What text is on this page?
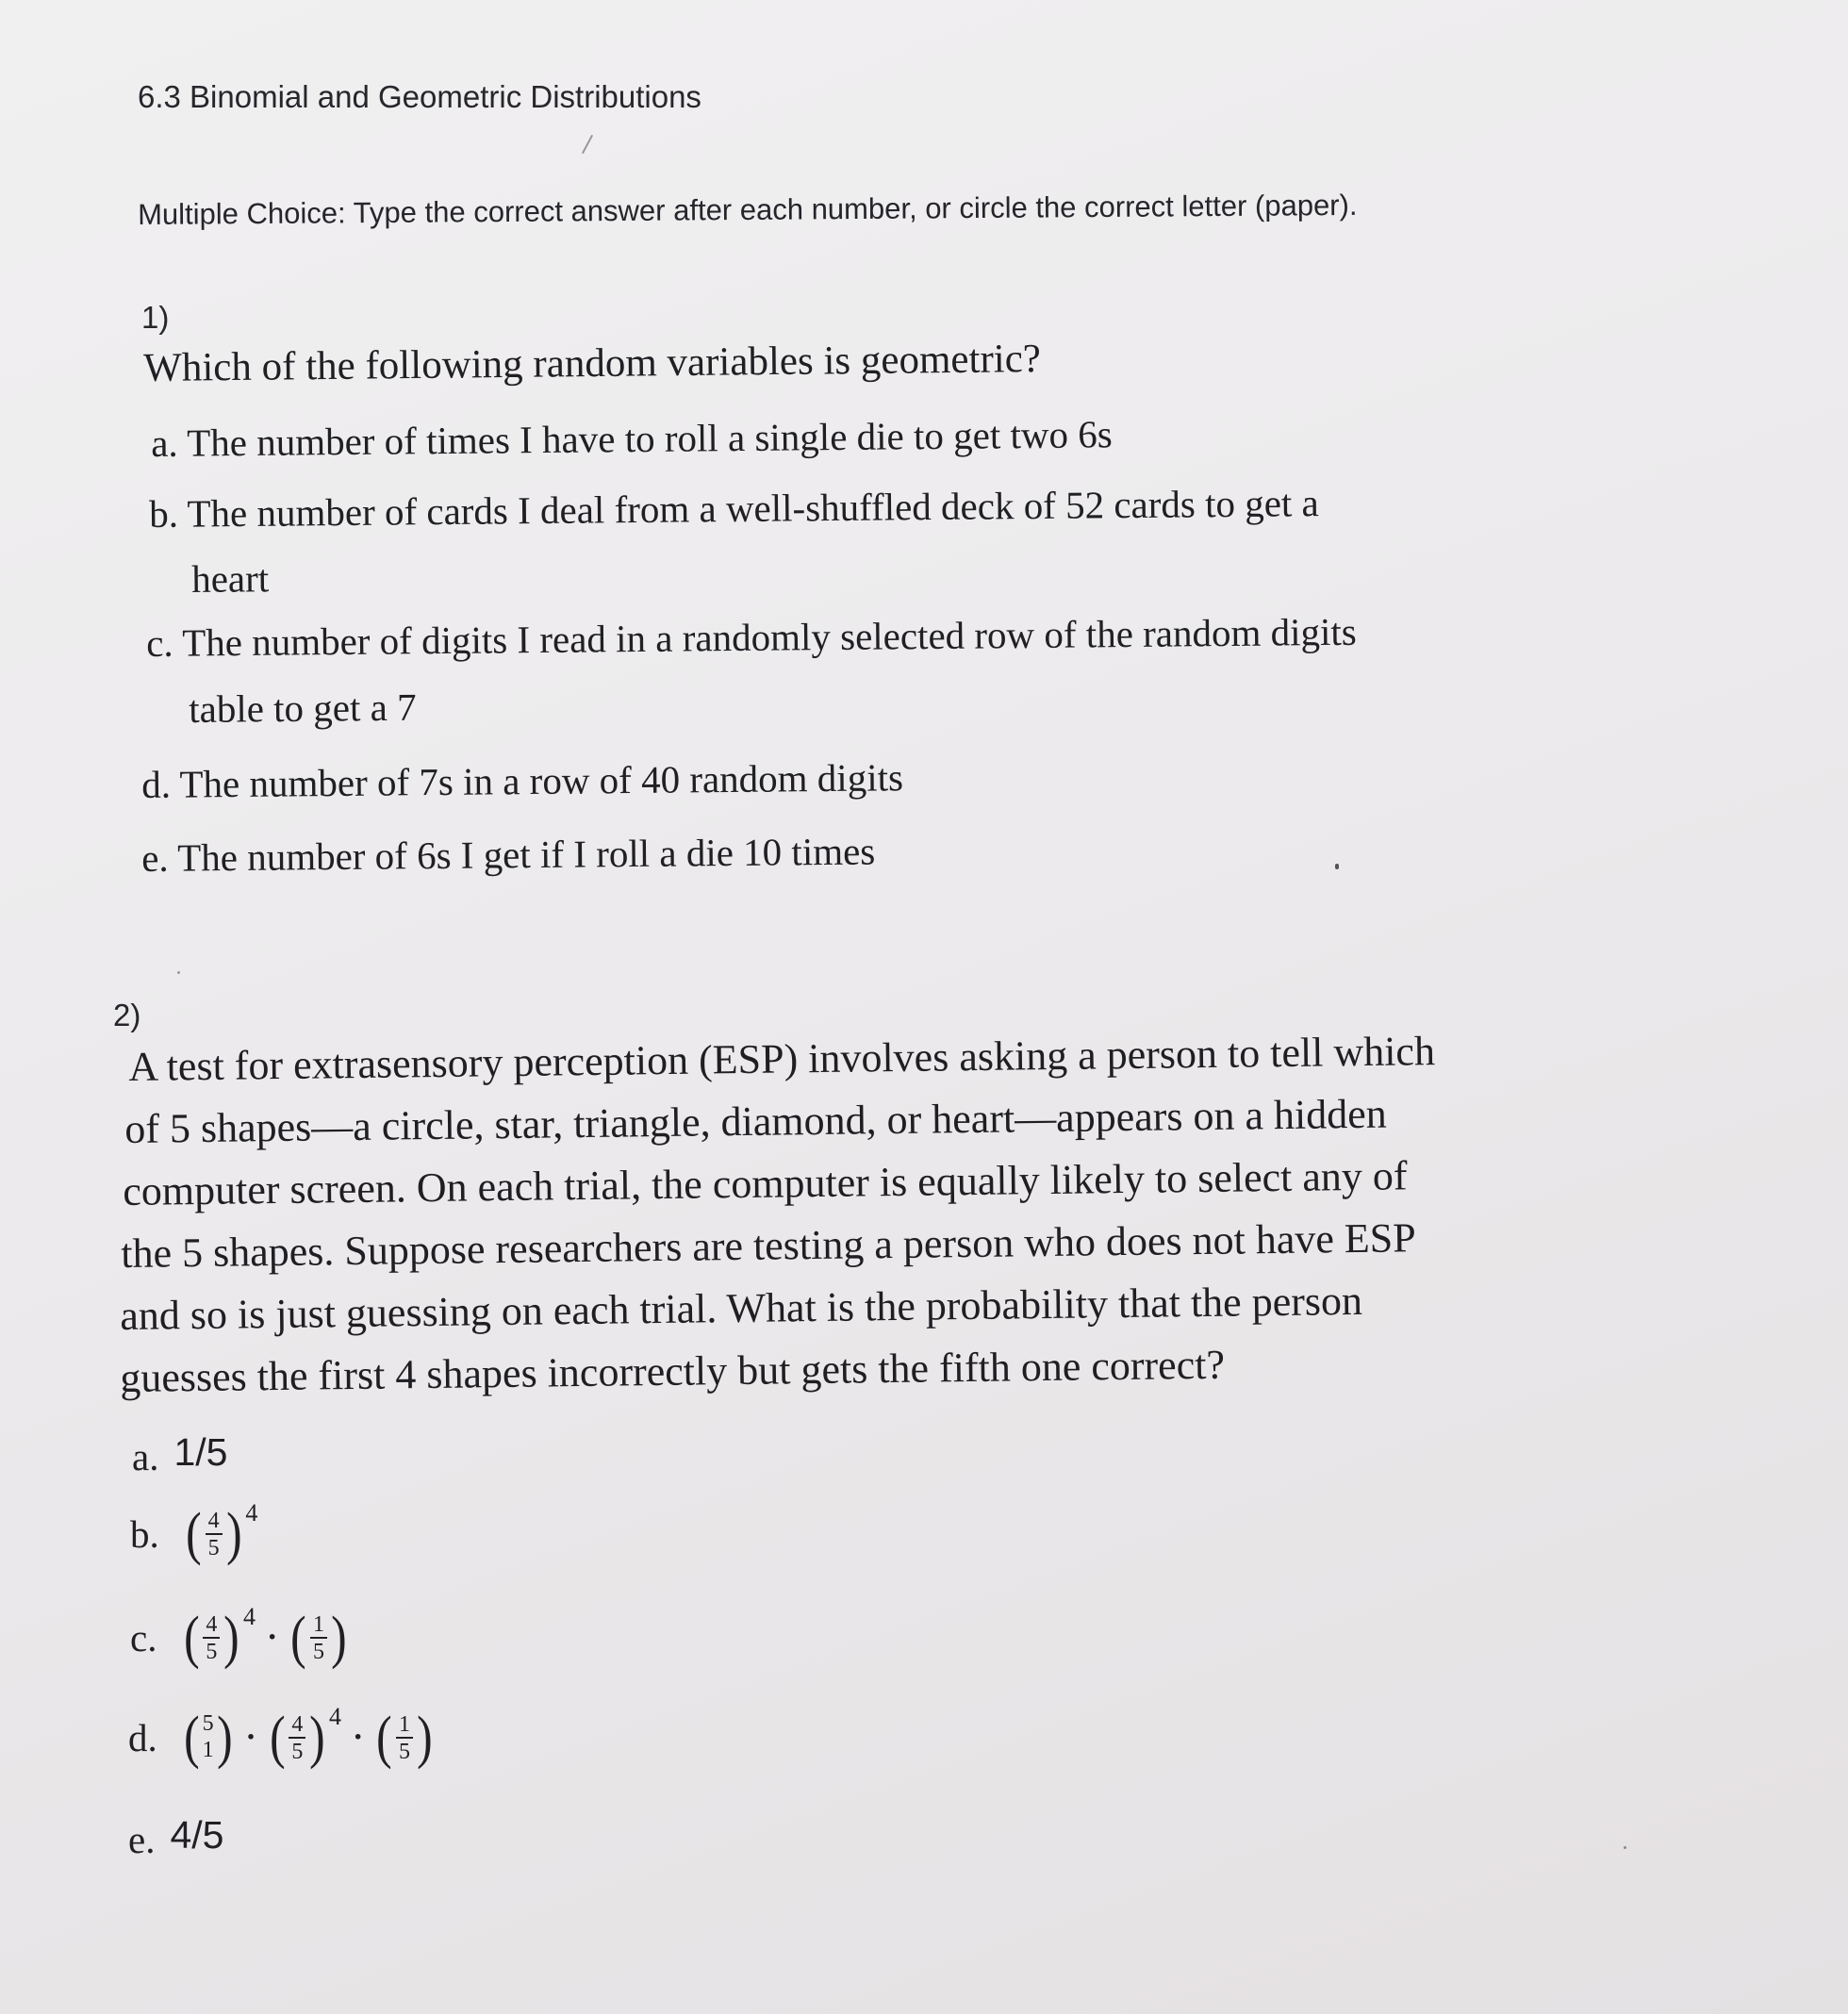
6.3 Binomial and Geometric Distributions
Multiple Choice: Type the correct answer after each number, or circle the correct letter (paper).
1)
Which of the following random variables is geometric?
a. The number of times I have to roll a single die to get two 6s
b. The number of cards I deal from a well-shuffled deck of 52 cards to get a
heart
c. The number of digits I read in a randomly selected row of the random digits
table to get a 7
d. The number of 7s in a row of 40 random digits
e. The number of 6s I get if I roll a die 10 times
2)
A test for extrasensory perception (ESP) involves asking a person to tell which
of 5 shapes—a circle, star, triangle, diamond, or heart—appears on a hidden
computer screen. On each trial, the computer is equally likely to select any of
the 5 shapes. Suppose researchers are testing a person who does not have ESP
and so is just guessing on each trial. What is the probability that the person
guesses the first 4 shapes incorrectly but gets the fifth one correct?
a. 1/5
b. ( $\frac{4}{5}$ ) 4
c. ( $\frac{4}{5}$ ) 4
· ( $\frac{1}{5}$ )
d. ( 5
1 ) · ( $\frac{4}{5}$ ) 4
· ( $\frac{1}{5}$ )
e. 4/5
